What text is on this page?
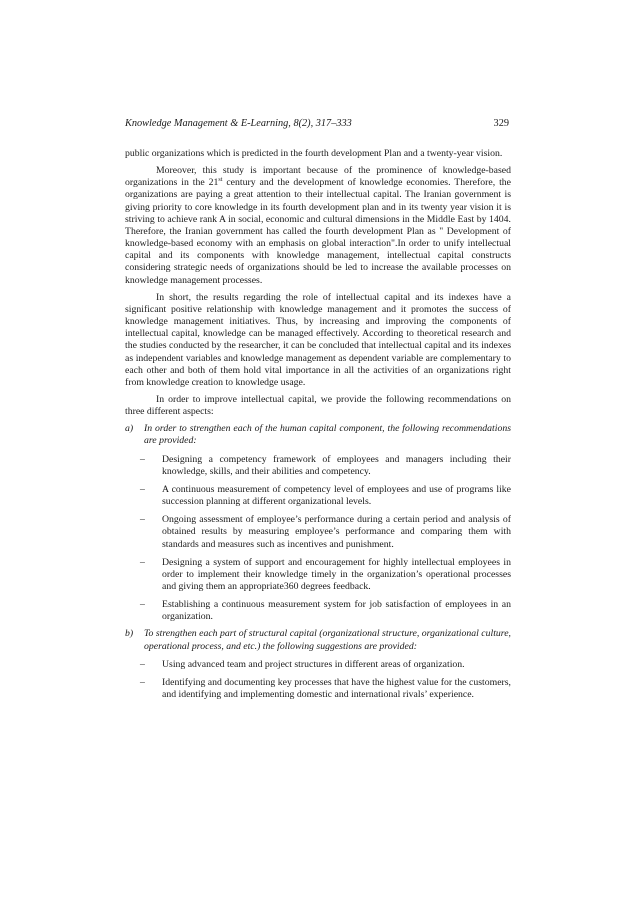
Knowledge Management & E-Learning, 8(2), 317–333	329

public organizations which is predicted in the fourth development Plan and a twenty-year vision.

Moreover, this study is important because of the prominence of knowledge-based organizations in the 21st century and the development of knowledge economies. Therefore, the organizations are paying a great attention to their intellectual capital. The Iranian government is giving priority to core knowledge in its fourth development plan and in its twenty year vision it is striving to achieve rank A in social, economic and cultural dimensions in the Middle East by 1404. Therefore, the Iranian government has called the fourth development Plan as " Development of knowledge-based economy with an emphasis on global interaction".In order to unify intellectual capital and its components with knowledge management, intellectual capital constructs considering strategic needs of organizations should be led to increase the available processes on knowledge management processes.

In short, the results regarding the role of intellectual capital and its indexes have a significant positive relationship with knowledge management and it promotes the success of knowledge management initiatives. Thus, by increasing and improving the components of intellectual capital, knowledge can be managed effectively. According to theoretical research and the studies conducted by the researcher, it can be concluded that intellectual capital and its indexes as independent variables and knowledge management as dependent variable are complementary to each other and both of them hold vital importance in all the activities of an organizations right from knowledge creation to knowledge usage.

In order to improve intellectual capital, we provide the following recommendations on three different aspects:

a) In order to strengthen each of the human capital component, the following recommendations are provided:
– Designing a competency framework of employees and managers including their knowledge, skills, and their abilities and competency.
– A continuous measurement of competency level of employees and use of programs like succession planning at different organizational levels.
– Ongoing assessment of employee’s performance during a certain period and analysis of obtained results by measuring employee’s performance and comparing them with standards and measures such as incentives and punishment.
– Designing a system of support and encouragement for highly intellectual employees in order to implement their knowledge timely in the organization’s operational processes and giving them an appropriate360 degrees feedback.
– Establishing a continuous measurement system for job satisfaction of employees in an organization.
b) To strengthen each part of structural capital (organizational structure, organizational culture, operational process, and etc.) the following suggestions are provided:
– Using advanced team and project structures in different areas of organization.
– Identifying and documenting key processes that have the highest value for the customers, and identifying and implementing domestic and international rivals’ experience.
